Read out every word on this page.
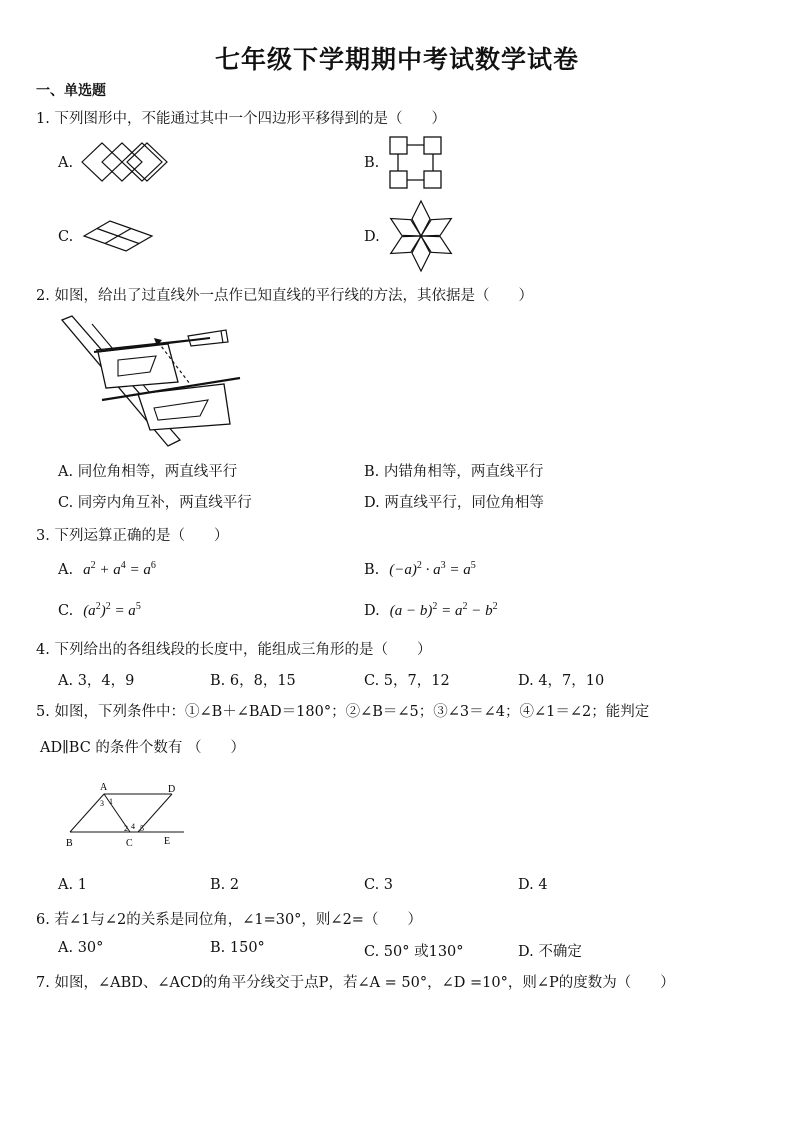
七年级下学期期中考试数学试卷
一、单选题
1. 下列图形中，不能通过其中一个四边形平移得到的是（　　）
A.	B.
C.	D.
2. 如图，给出了过直线外一点作已知直线的平行线的方法，其依据是（　　）
A. 同位角相等，两直线平行	B. 内错角相等，两直线平行
C. 同旁内角互补，两直线平行	D. 两直线平行，同位角相等
3. 下列运算正确的是（　　）
A. $a^2 + a^4 = a^6$	B. $(-a)^2 \cdot a^3 = a^5$
C. $(a^2)^2 = a^5$	D. $(a - b)^2 = a^2 - b^2$
4. 下列给出的各组线段的长度中，能组成三角形的是（　　）
A. 3，4，9	B. 6，8，15	C. 5，7，12	D. 4，7，10
5. 如图，下列条件中：①∠B＋∠BAD＝180°；②∠B＝∠5；③∠3＝∠4；④∠1＝∠2；能判定
AD∥BC 的条件个数有 （　　）
A	D
B	C	E
1
2
3
4 5
A. 1	B. 2	C. 3	D. 4
6. 若∠1与∠2的关系是同位角，∠1=30°，则∠2=（　　）
A. 30°	B. 150°	C. 50° 或130°	D. 不确定
7. 如图，∠ABD、∠ACD的角平分线交于点P，若∠A = 50°，∠D =10°，则∠P的度数为（　　）
